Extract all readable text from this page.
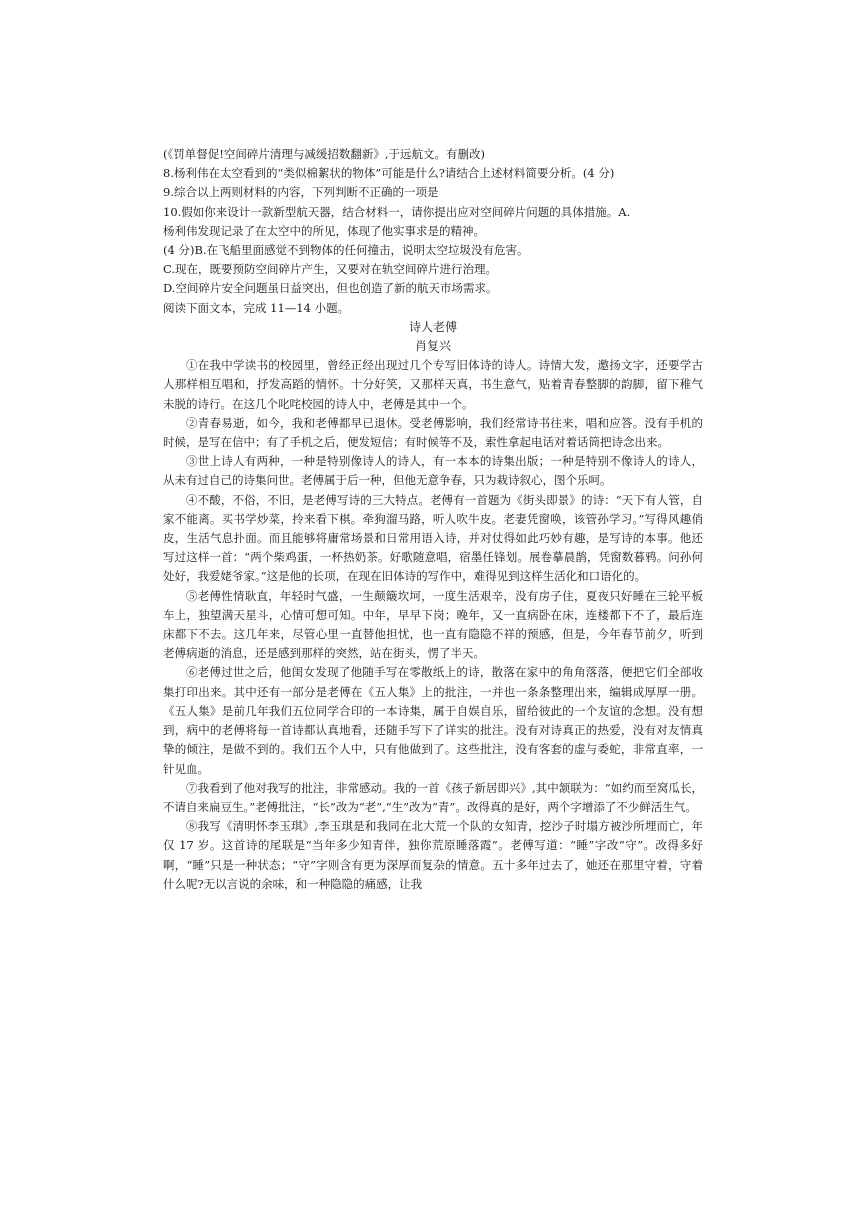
(《罚单督促!空间碎片清理与减缓招数翻新》,于远航文。有删改)
8.杨利伟在太空看到的“类似棉絮状的物体”可能是什么?请结合上述材料简要分析。(4 分)
9.综合以上两则材料的内容，下列判断不正确的一项是
10.假如你来设计一款新型航天器，结合材料一，请你提出应对空间碎片问题的具体措施。A.
杨利伟发现记录了在太空中的所见，体现了他实事求是的精神。
(4 分)B.在飞船里面感觉不到物体的任何撞击，说明太空垃圾没有危害。
C.现在，既要预防空间碎片产生，又要对在轨空间碎片进行治理。
D.空间碎片安全问题虽日益突出，但也创造了新的航天市场需求。
阅读下面文本，完成 11—14 小题。
诗人老傅
肖复兴

①在我中学读书的校园里，曾经正经出现过几个专写旧体诗的诗人。诗情大发，邀扬文字，还要学古人那样相互唱和，抒发高蹈的情怀。十分好笑，又那样天真，书生意气，贴着青春整脚的韵脚，留下稚气未脱的诗行。在这几个叱咤校园的诗人中，老傅是其中一个。

②青春易逝，如今，我和老傅都早已退休。受老傅影响，我们经常诗书往来，唱和应答。没有手机的时候，是写在信中；有了手机之后，便发短信；有时候等不及，索性拿起电话对着话筒把诗念出来。

③世上诗人有两种，一种是特别像诗人的诗人，有一本本的诗集出版；一种是特别不像诗人的诗人，从未有过自己的诗集问世。老傅属于后一种，但他无意争春，只为栽诗叙心，图个乐呵。

④不酸，不俗，不旧，是老傅写诗的三大特点。老傅有一首题为《街头即景》的诗：“天下有人管，自家不能离。买书学炒菜，拎来看下棋。牵狗溜马路，听人吹牛皮。老妻凭窗唤，该管孙学习。”写得风趣俏皮，生活气息扑面。而且能够将庸常场景和日常用语入诗，并对仗得如此巧妙有趣，是写诗的本事。他还写过这样一首：“两个柴鸡蛋，一杯热奶茶。好歌随意唱，宿墨任锋划。展卷摹晨鹊，凭窗数暮鸦。问孙何处好，我爱姥爷家。”这是他的长项，在现在旧体诗的写作中，难得见到这样生活化和口语化的。

⑤老傅性情耿直，年轻时气盛，一生颠簸坎坷，一度生活艰辛，没有房子住，夏夜只好睡在三轮平板车上，独望满天星斗，心情可想可知。中年，早早下岗；晚年，又一直病卧在床，连楼都下不了，最后连床都下不去。这几年来，尽管心里一直替他担忧，也一直有隐隐不祥的预感，但是，今年春节前夕，听到老傅病逝的消息，还是感到那样的突然，站在街头，愣了半天。

⑥老傅过世之后，他闺女发现了他随手写在零散纸上的诗，散落在家中的角角落落，便把它们全部收集打印出来。其中还有一部分是老傅在《五人集》上的批注，一并也一条条整理出来，编辑成厚厚一册。《五人集》是前几年我们五位同学合印的一本诗集，属于自娱自乐，留给彼此的一个友谊的念想。没有想到，病中的老傅将每一首诗都认真地看，还随手写下了详实的批注。没有对诗真正的热爱，没有对友情真挚的倾注，是做不到的。我们五个人中，只有他做到了。这些批注，没有客套的虚与委蛇，非常直率，一针见血。

⑦我看到了他对我写的批注，非常感动。我的一首《孩子新居即兴》,其中颔联为：“如约而至窝瓜长，不请自来扁豆生。”老傅批注，“长”改为“老”,“生”改为“青”。改得真的是好，两个字增添了不少鲜活生气。

⑧我写《清明怀李玉琪》,李玉琪是和我同在北大荒一个队的女知青，挖沙子时塌方被沙所埋而亡，年仅 17 岁。这首诗的尾联是“当年多少知青伴，独你荒原睡落霞”。老傅写道：“睡”字改“守”。改得多好啊，“睡”只是一种状态；“守”字则含有更为深厚而复杂的情意。五十多年过去了，她还在那里守着，守着什么呢?无以言说的余味，和一种隐隐的痛感，让我
